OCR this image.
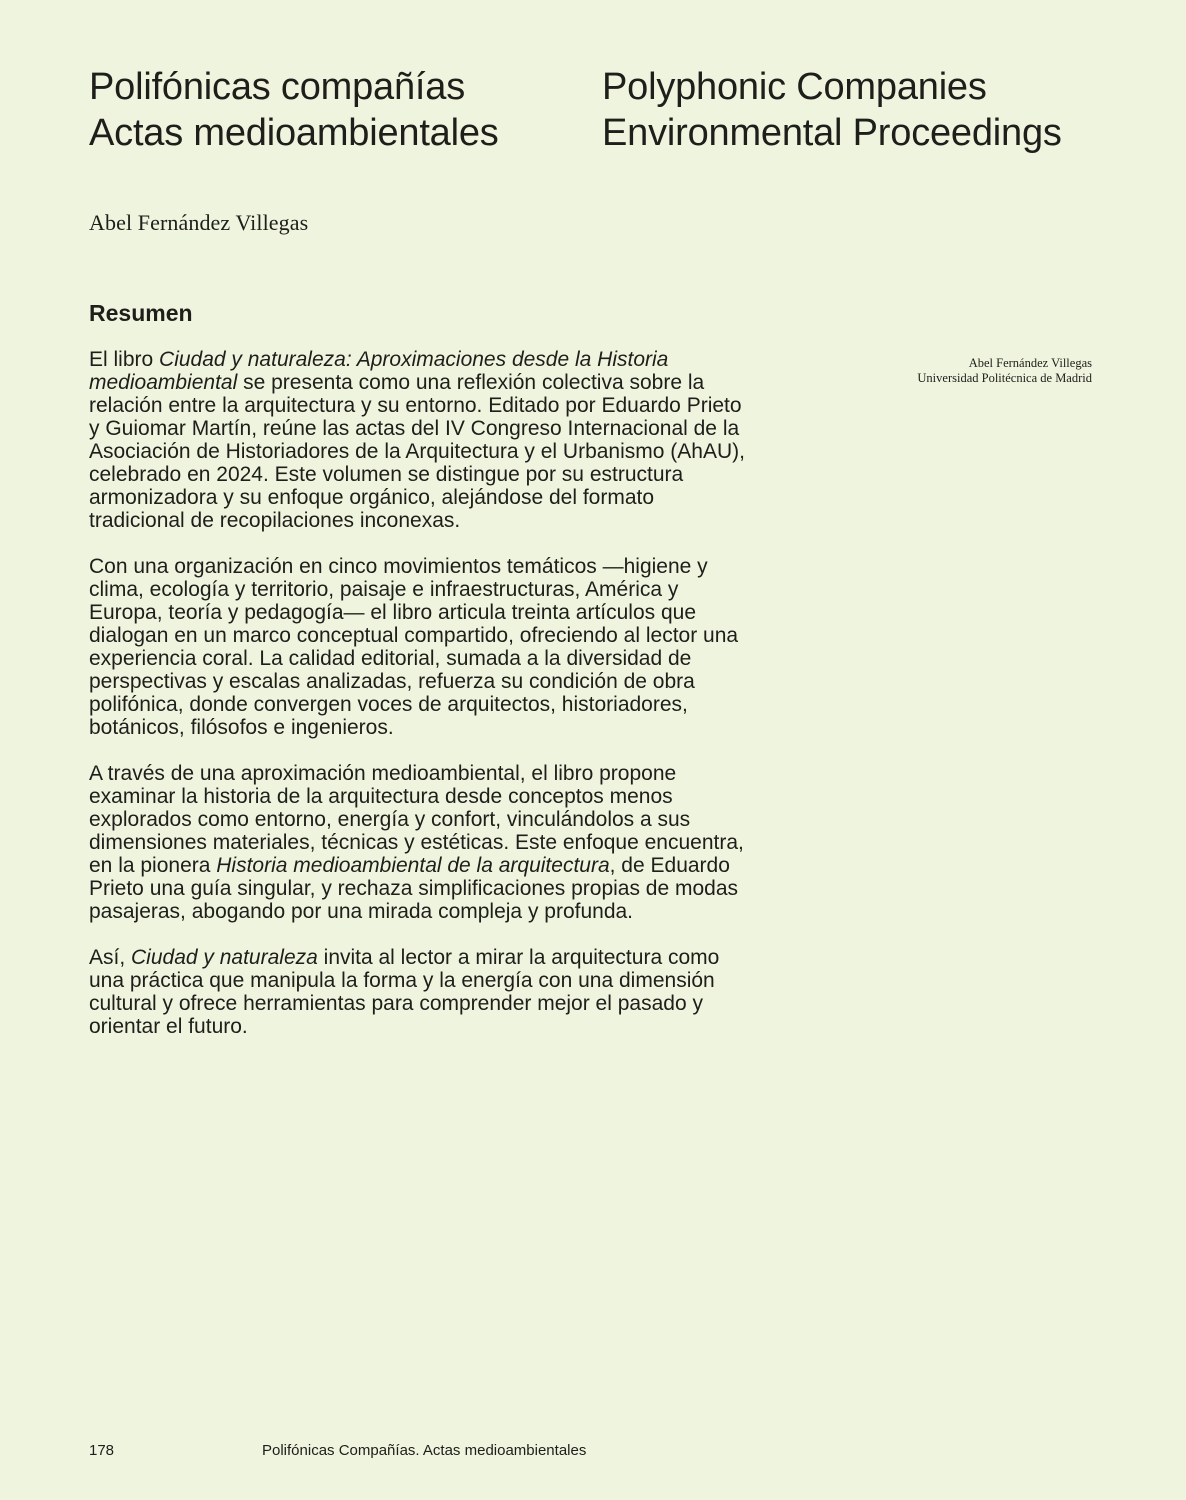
Polifónicas compañías
Actas medioambientales
Polyphonic Companies
Environmental Proceedings
Abel Fernández Villegas
Resumen

El libro Ciudad y naturaleza: Aproximaciones desde la Historia medioambiental se presenta como una reflexión colectiva sobre la relación entre la arquitectura y su entorno. Editado por Eduardo Prieto y Guiomar Martín, reúne las actas del IV Congreso Internacional de la Asociación de Historiadores de la Arquitectura y el Urbanismo (AhAU), celebrado en 2024. Este volumen se distingue por su estructura armonizadora y su enfoque orgánico, alejándose del formato tradicional de recopilaciones inconexas.

Con una organización en cinco movimientos temáticos —higiene y clima, ecología y territorio, paisaje e infraestructuras, América y Europa, teoría y pedagogía— el libro articula treinta artículos que dialogan en un marco conceptual compartido, ofreciendo al lector una experiencia coral. La calidad editorial, sumada a la diversidad de perspectivas y escalas analizadas, refuerza su condición de obra polifónica, donde convergen voces de arquitectos, historiadores, botánicos, filósofos e ingenieros.

A través de una aproximación medioambiental, el libro propone examinar la historia de la arquitectura desde conceptos menos explorados como entorno, energía y confort, vinculándolos a sus dimensiones materiales, técnicas y estéticas. Este enfoque encuentra, en la pionera Historia medioambiental de la arquitectura, de Eduardo Prieto una guía singular, y rechaza simplificaciones propias de modas pasajeras, abogando por una mirada compleja y profunda.

Así, Ciudad y naturaleza invita al lector a mirar la arquitectura como una práctica que manipula la forma y la energía con una dimensión cultural y ofrece herramientas para comprender mejor el pasado y orientar el futuro.

Abel Fernández Villegas
Universidad Politécnica de Madrid
178	Polifónicas Compañías. Actas medioambientales
